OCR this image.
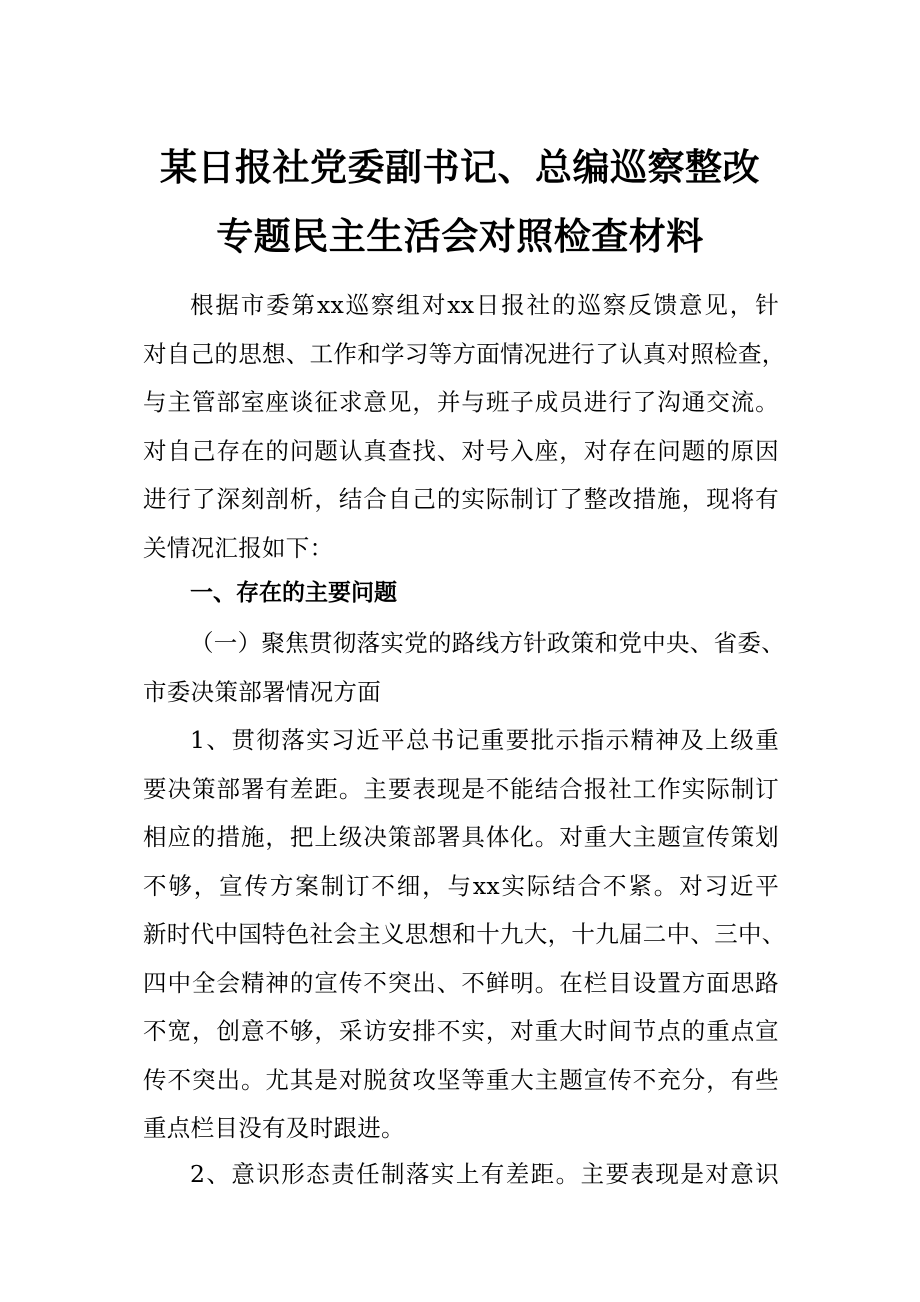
某日报社党委副书记、总编巡察整改
专题民主生活会对照检查材料
根据市委第xx巡察组对xx日报社的巡察反馈意见，针
对自己的思想、工作和学习等方面情况进行了认真对照检查，
与主管部室座谈征求意见，并与班子成员进行了沟通交流。
对自己存在的问题认真查找、对号入座，对存在问题的原因
进行了深刻剖析，结合自己的实际制订了整改措施，现将有
关情况汇报如下：
一、存在的主要问题
（一）聚焦贯彻落实党的路线方针政策和党中央、省委、
市委决策部署情况方面
1、贯彻落实习近平总书记重要批示指示精神及上级重
要决策部署有差距。主要表现是不能结合报社工作实际制订
相应的措施，把上级决策部署具体化。对重大主题宣传策划
不够，宣传方案制订不细，与xx实际结合不紧。对习近平
新时代中国特色社会主义思想和十九大，十九届二中、三中、
四中全会精神的宣传不突出、不鲜明。在栏目设置方面思路
不宽，创意不够，采访安排不实，对重大时间节点的重点宣
传不突出。尤其是对脱贫攻坚等重大主题宣传不充分，有些
重点栏目没有及时跟进。
2、意识形态责任制落实上有差距。主要表现是对意识
